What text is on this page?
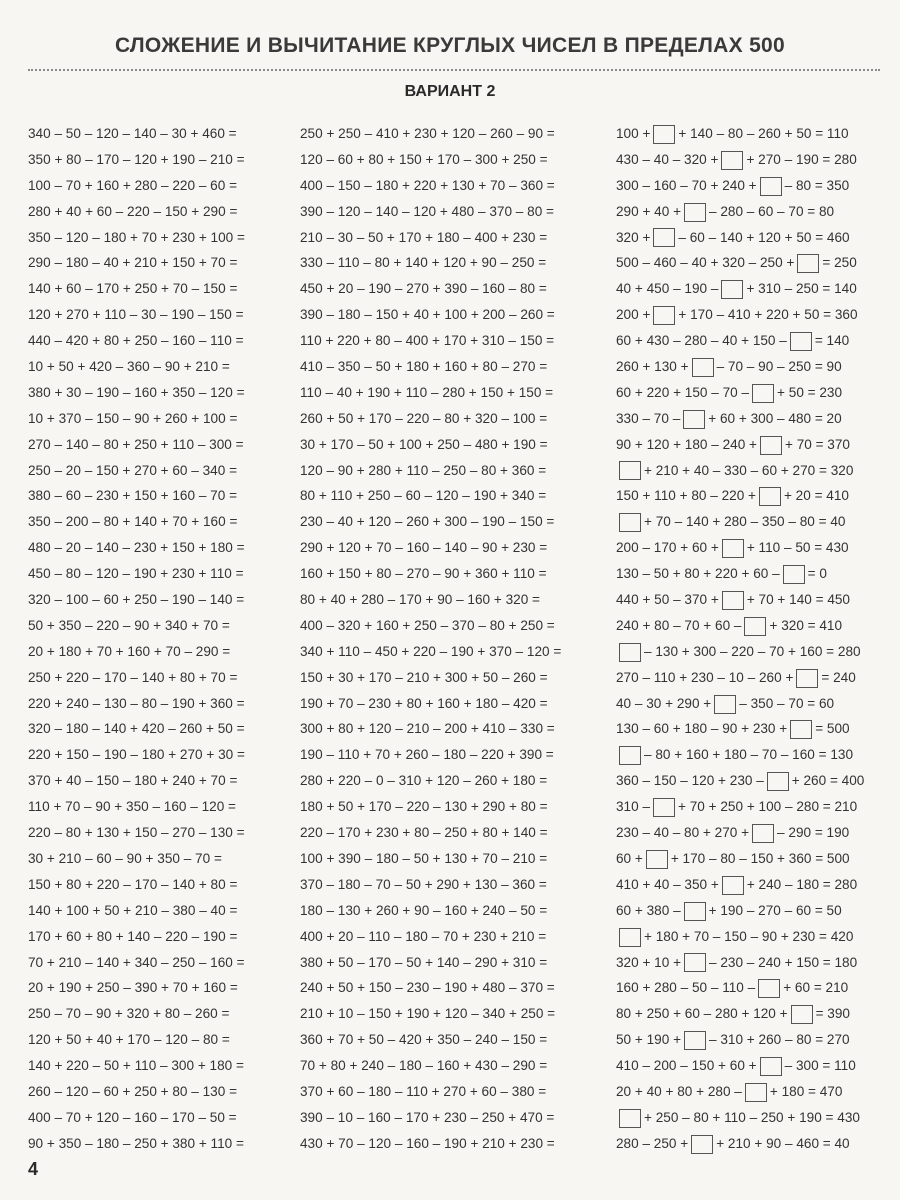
СЛОЖЕНИЕ И ВЫЧИТАНИЕ КРУГЛЫХ ЧИСЕЛ В ПРЕДЕЛАХ 500
ВАРИАНТ 2
340 – 50 – 120 – 140 – 30 + 460 =
350 + 80 – 170 – 120 + 190 – 210 =
100 – 70 + 160 + 280 – 220 – 60 =
280 + 40 + 60 – 220 – 150 + 290 =
350 – 120 – 180 + 70 + 230 + 100 =
290 – 180 – 40 + 210 + 150 + 70 =
140 + 60 – 170 + 250 + 70 – 150 =
120 + 270 + 110 – 30 – 190 – 150 =
440 – 420 + 80 + 250 – 160 – 110 =
10 + 50 + 420 – 360 – 90 + 210 =
380 + 30 – 190 – 160 + 350 – 120 =
10 + 370 – 150 – 90 + 260 + 100 =
270 – 140 – 80 + 250 + 110 – 300 =
250 – 20 – 150 + 270 + 60 – 340 =
380 – 60 – 230 + 150 + 160 – 70 =
350 – 200 – 80 + 140 + 70 + 160 =
480 – 20 – 140 – 230 + 150 + 180 =
450 – 80 – 120 – 190 + 230 + 110 =
320 – 100 – 60 + 250 – 190 – 140 =
50 + 350 – 220 – 90 + 340 + 70 =
20 + 180 + 70 + 160 + 70 – 290 =
250 + 220 – 170 – 140 + 80 + 70 =
220 + 240 – 130 – 80 – 190 + 360 =
320 – 180 – 140 + 420 – 260 + 50 =
220 + 150 – 190 – 180 + 270 + 30 =
370 + 40 – 150 – 180 + 240 + 70 =
110 + 70 – 90 + 350 – 160 – 120 =
220 – 80 + 130 + 150 – 270 – 130 =
30 + 210 – 60 – 90 + 350 – 70 =
150 + 80 + 220 – 170 – 140 + 80 =
140 + 100 + 50 + 210 – 380 – 40 =
170 + 60 + 80 + 140 – 220 – 190 =
70 + 210 – 140 + 340 – 250 – 160 =
20 + 190 + 250 – 390 + 70 + 160 =
250 – 70 – 90 + 320 + 80 – 260 =
120 + 50 + 40 + 170 – 120 – 80 =
140 + 220 – 50 + 110 – 300 + 180 =
260 – 120 – 60 + 250 + 80 – 130 =
400 – 70 + 120 – 160 – 170 – 50 =
90 + 350 – 180 – 250 + 380 + 110 =
250 + 250 – 410 + 230 + 120 – 260 – 90 =
120 – 60 + 80 + 150 + 170 – 300 + 250 =
400 – 150 – 180 + 220 + 130 + 70 – 360 =
390 – 120 – 140 – 120 + 480 – 370 – 80 =
210 – 30 – 50 + 170 + 180 – 400 + 230 =
330 – 110 – 80 + 140 + 120 + 90 – 250 =
450 + 20 – 190 – 270 + 390 – 160 – 80 =
390 – 180 – 150 + 40 + 100 + 200 – 260 =
110 + 220 + 80 – 400 + 170 + 310 – 150 =
410 – 350 – 50 + 180 + 160 + 80 – 270 =
110 – 40 + 190 + 110 – 280 + 150 + 150 =
260 + 50 + 170 – 220 – 80 + 320 – 100 =
30 + 170 – 50 + 100 + 250 – 480 + 190 =
120 – 90 + 280 + 110 – 250 – 80 + 360 =
80 + 110 + 250 – 60 – 120 – 190 + 340 =
230 – 40 + 120 – 260 + 300 – 190 – 150 =
290 + 120 + 70 – 160 – 140 – 90 + 230 =
160 + 150 + 80 – 270 – 90 + 360 + 110 =
80 + 40 + 280 – 170 + 90 – 160 + 320 =
400 – 320 + 160 + 250 – 370 – 80 + 250 =
340 + 110 – 450 + 220 – 190 + 370 – 120 =
150 + 30 + 170 – 210 + 300 + 50 – 260 =
190 + 70 – 230 + 80 + 160 + 180 – 420 =
300 + 80 + 120 – 210 – 200 + 410 – 330 =
190 – 110 + 70 + 260 – 180 – 220 + 390 =
280 + 220 – 0 – 310 + 120 – 260 + 180 =
180 + 50 + 170 – 220 – 130 + 290 + 80 =
220 – 170 + 230 + 80 – 250 + 80 + 140 =
100 + 390 – 180 – 50 + 130 + 70 – 210 =
370 – 180 – 70 – 50 + 290 + 130 – 360 =
180 – 130 + 260 + 90 – 160 + 240 – 50 =
400 + 20 – 110 – 180 – 70 + 230 + 210 =
380 + 50 – 170 – 50 + 140 – 290 + 310 =
240 + 50 + 150 – 230 – 190 + 480 – 370 =
210 + 10 – 150 + 190 + 120 – 340 + 250 =
360 + 70 + 50 – 420 + 350 – 240 – 150 =
70 + 80 + 240 – 180 – 160 + 430 – 290 =
370 + 60 – 180 – 110 + 270 + 60 – 380 =
390 – 10 – 160 – 170 + 230 – 250 + 470 =
430 + 70 – 120 – 160 – 190 + 210 + 230 =
100 + + 140 – 80 – 260 + 50 = 110
430 – 40 – 320 + + 270 – 190 = 280
300 – 160 – 70 + 240 + – 80 = 350
290 + 40 + – 280 – 60 – 70 = 80
320 + – 60 – 140 + 120 + 50 = 460
500 – 460 – 40 + 320 – 250 + = 250
40 + 450 – 190 – + 310 – 250 = 140
200 + + 170 – 410 + 220 + 50 = 360
60 + 430 – 280 – 40 + 150 – = 140
260 + 130 + – 70 – 90 – 250 = 90
60 + 220 + 150 – 70 – + 50 = 230
330 – 70 – + 60 + 300 – 480 = 20
90 + 120 + 180 – 240 + + 70 = 370
+ 210 + 40 – 330 – 60 + 270 = 320
150 + 110 + 80 – 220 + + 20 = 410
+ 70 – 140 + 280 – 350 – 80 = 40
200 – 170 + 60 + + 110 – 50 = 430
130 – 50 + 80 + 220 + 60 – = 0
440 + 50 – 370 + + 70 + 140 = 450
240 + 80 – 70 + 60 – + 320 = 410
– 130 + 300 – 220 – 70 + 160 = 280
270 – 110 + 230 – 10 – 260 + = 240
40 – 30 + 290 + – 350 – 70 = 60
130 – 60 + 180 – 90 + 230 + = 500
– 80 + 160 + 180 – 70 – 160 = 130
360 – 150 – 120 + 230 – + 260 = 400
310 – + 70 + 250 + 100 – 280 = 210
230 – 40 – 80 + 270 + – 290 = 190
60 + + 170 – 80 – 150 + 360 = 500
410 + 40 – 350 + + 240 – 180 = 280
60 + 380 – + 190 – 270 – 60 = 50
+ 180 + 70 – 150 – 90 + 230 = 420
320 + 10 + – 230 – 240 + 150 = 180
160 + 280 – 50 – 110 – + 60 = 210
80 + 250 + 60 – 280 + 120 + = 390
50 + 190 + – 310 + 260 – 80 = 270
410 – 200 – 150 + 60 + – 300 = 110
20 + 40 + 80 + 280 – + 180 = 470
+ 250 – 80 + 110 – 250 + 190 = 430
280 – 250 + + 210 + 90 – 460 = 40
4
